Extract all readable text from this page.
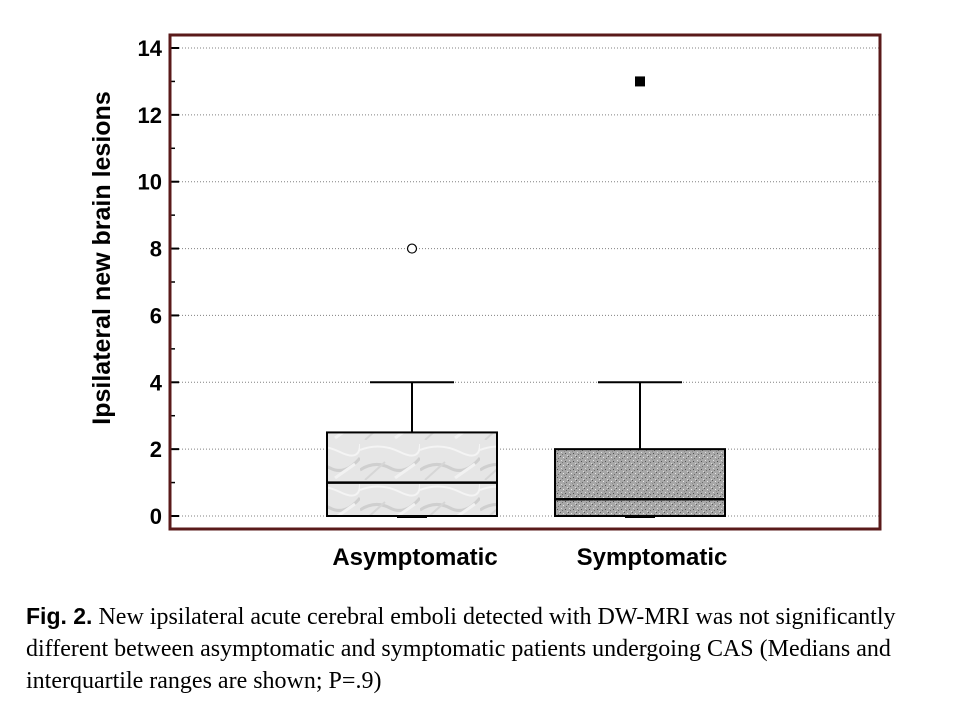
0
2
4
6
8
10
12
14
Asymptomatic	Symptomatic
Ipsilateral new brain lesions
Fig. 2. New ipsilateral acute cerebral emboli detected with DW-MRI was not significantly different between asymptomatic and symptomatic patients undergoing CAS (Medians and interquartile ranges are shown; P=.9)
